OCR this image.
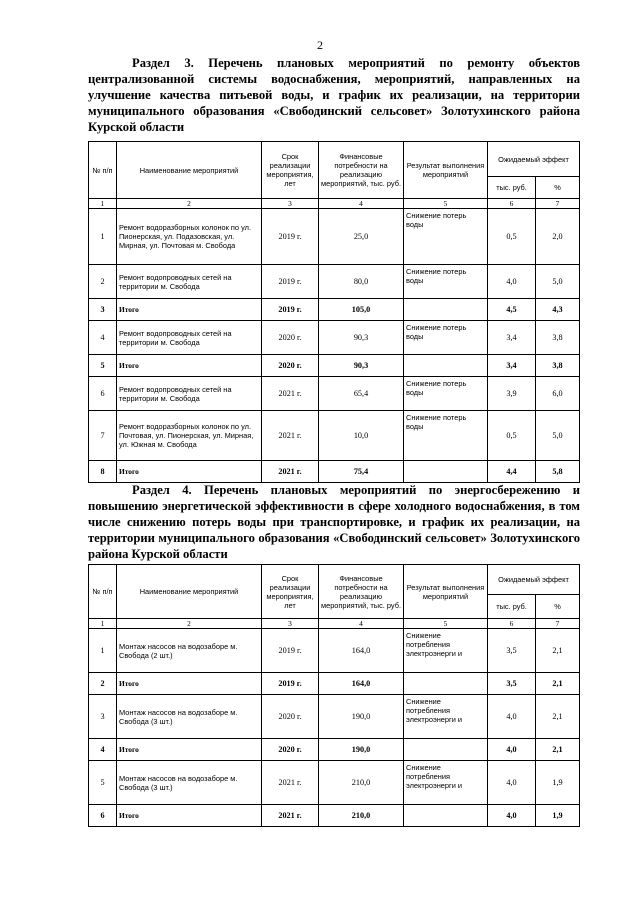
2
Раздел 3. Перечень плановых мероприятий по ремонту объектов централизованной системы водоснабжения, мероприятий, направленных на улучшение качества питьевой воды, и график их реализации, на территории муниципального образования «Свободинский сельсовет» Золотухинского района Курской области
№ п/п	Наименование мероприятий	Срок реализации мероприятия, лет	Финансовые потребности на реализацию мероприятий, тыс. руб.	Результат выполнения мероприятий	Ожидаемый эффект	
					тыс. руб.	%
1	2	3	4	5	6	7
1	Ремонт водоразборных колонок по ул. Пионерская, ул. Подазовская, ул. Мирная, ул. Почтовая м. Свобода	2019 г.	25,0	Снижение потерь воды	0,5	2,0
2	Ремонт водопроводных сетей на территории м. Свобода	2019 г.	80,0	Снижение потерь воды	4,0	5,0
3	Итого	2019 г.	105,0		4,5	4,3
4	Ремонт водопроводных сетей на территории м. Свобода	2020 г.	90,3	Снижение потерь воды	3,4	3,8
5	Итого	2020 г.	90,3		3,4	3,8
6	Ремонт водопроводных сетей на территории м. Свобода	2021 г.	65,4	Снижение потерь воды	3,9	6,0
7	Ремонт водоразборных колонок по ул. Почтовая, ул. Пионерская, ул. Мирная, ул. Южная м. Свобода	2021 г.	10,0	Снижение потерь воды	0,5	5,0
8	Итого	2021 г.	75,4		4,4	5,8
Раздел 4. Перечень плановых мероприятий по энергосбережению и повышению энергетической эффективности в сфере холодного водоснабжения, в том числе снижению потерь воды при транспортировке, и график их реализации, на территории муниципального образования «Свободинский сельсовет» Золотухинского района Курской области
№ п/п	Наименование мероприятий	Срок реализации мероприятия, лет	Финансовые потребности на реализацию мероприятий, тыс. руб.	Результат выполнения мероприятий	Ожидаемый эффект	
					тыс. руб.	%
1	2	3	4	5	6	7
1	Монтаж насосов на водозаборе м. Свобода (2 шт.)	2019 г.	164,0	Снижение потребления электроэнерги и	3,5	2,1
2	Итого	2019 г.	164,0		3,5	2,1
3	Монтаж насосов на водозаборе м. Свобода (3 шт.)	2020 г.	190,0	Снижение потребления электроэнерги и	4,0	2,1
4	Итого	2020 г.	190,0		4,0	2,1
5	Монтаж насосов на водозаборе м. Свобода (3 шт.)	2021 г.	210,0	Снижение потребления электроэнерги и	4,0	1,9
6	Итого	2021 г.	210,0		4,0	1,9
